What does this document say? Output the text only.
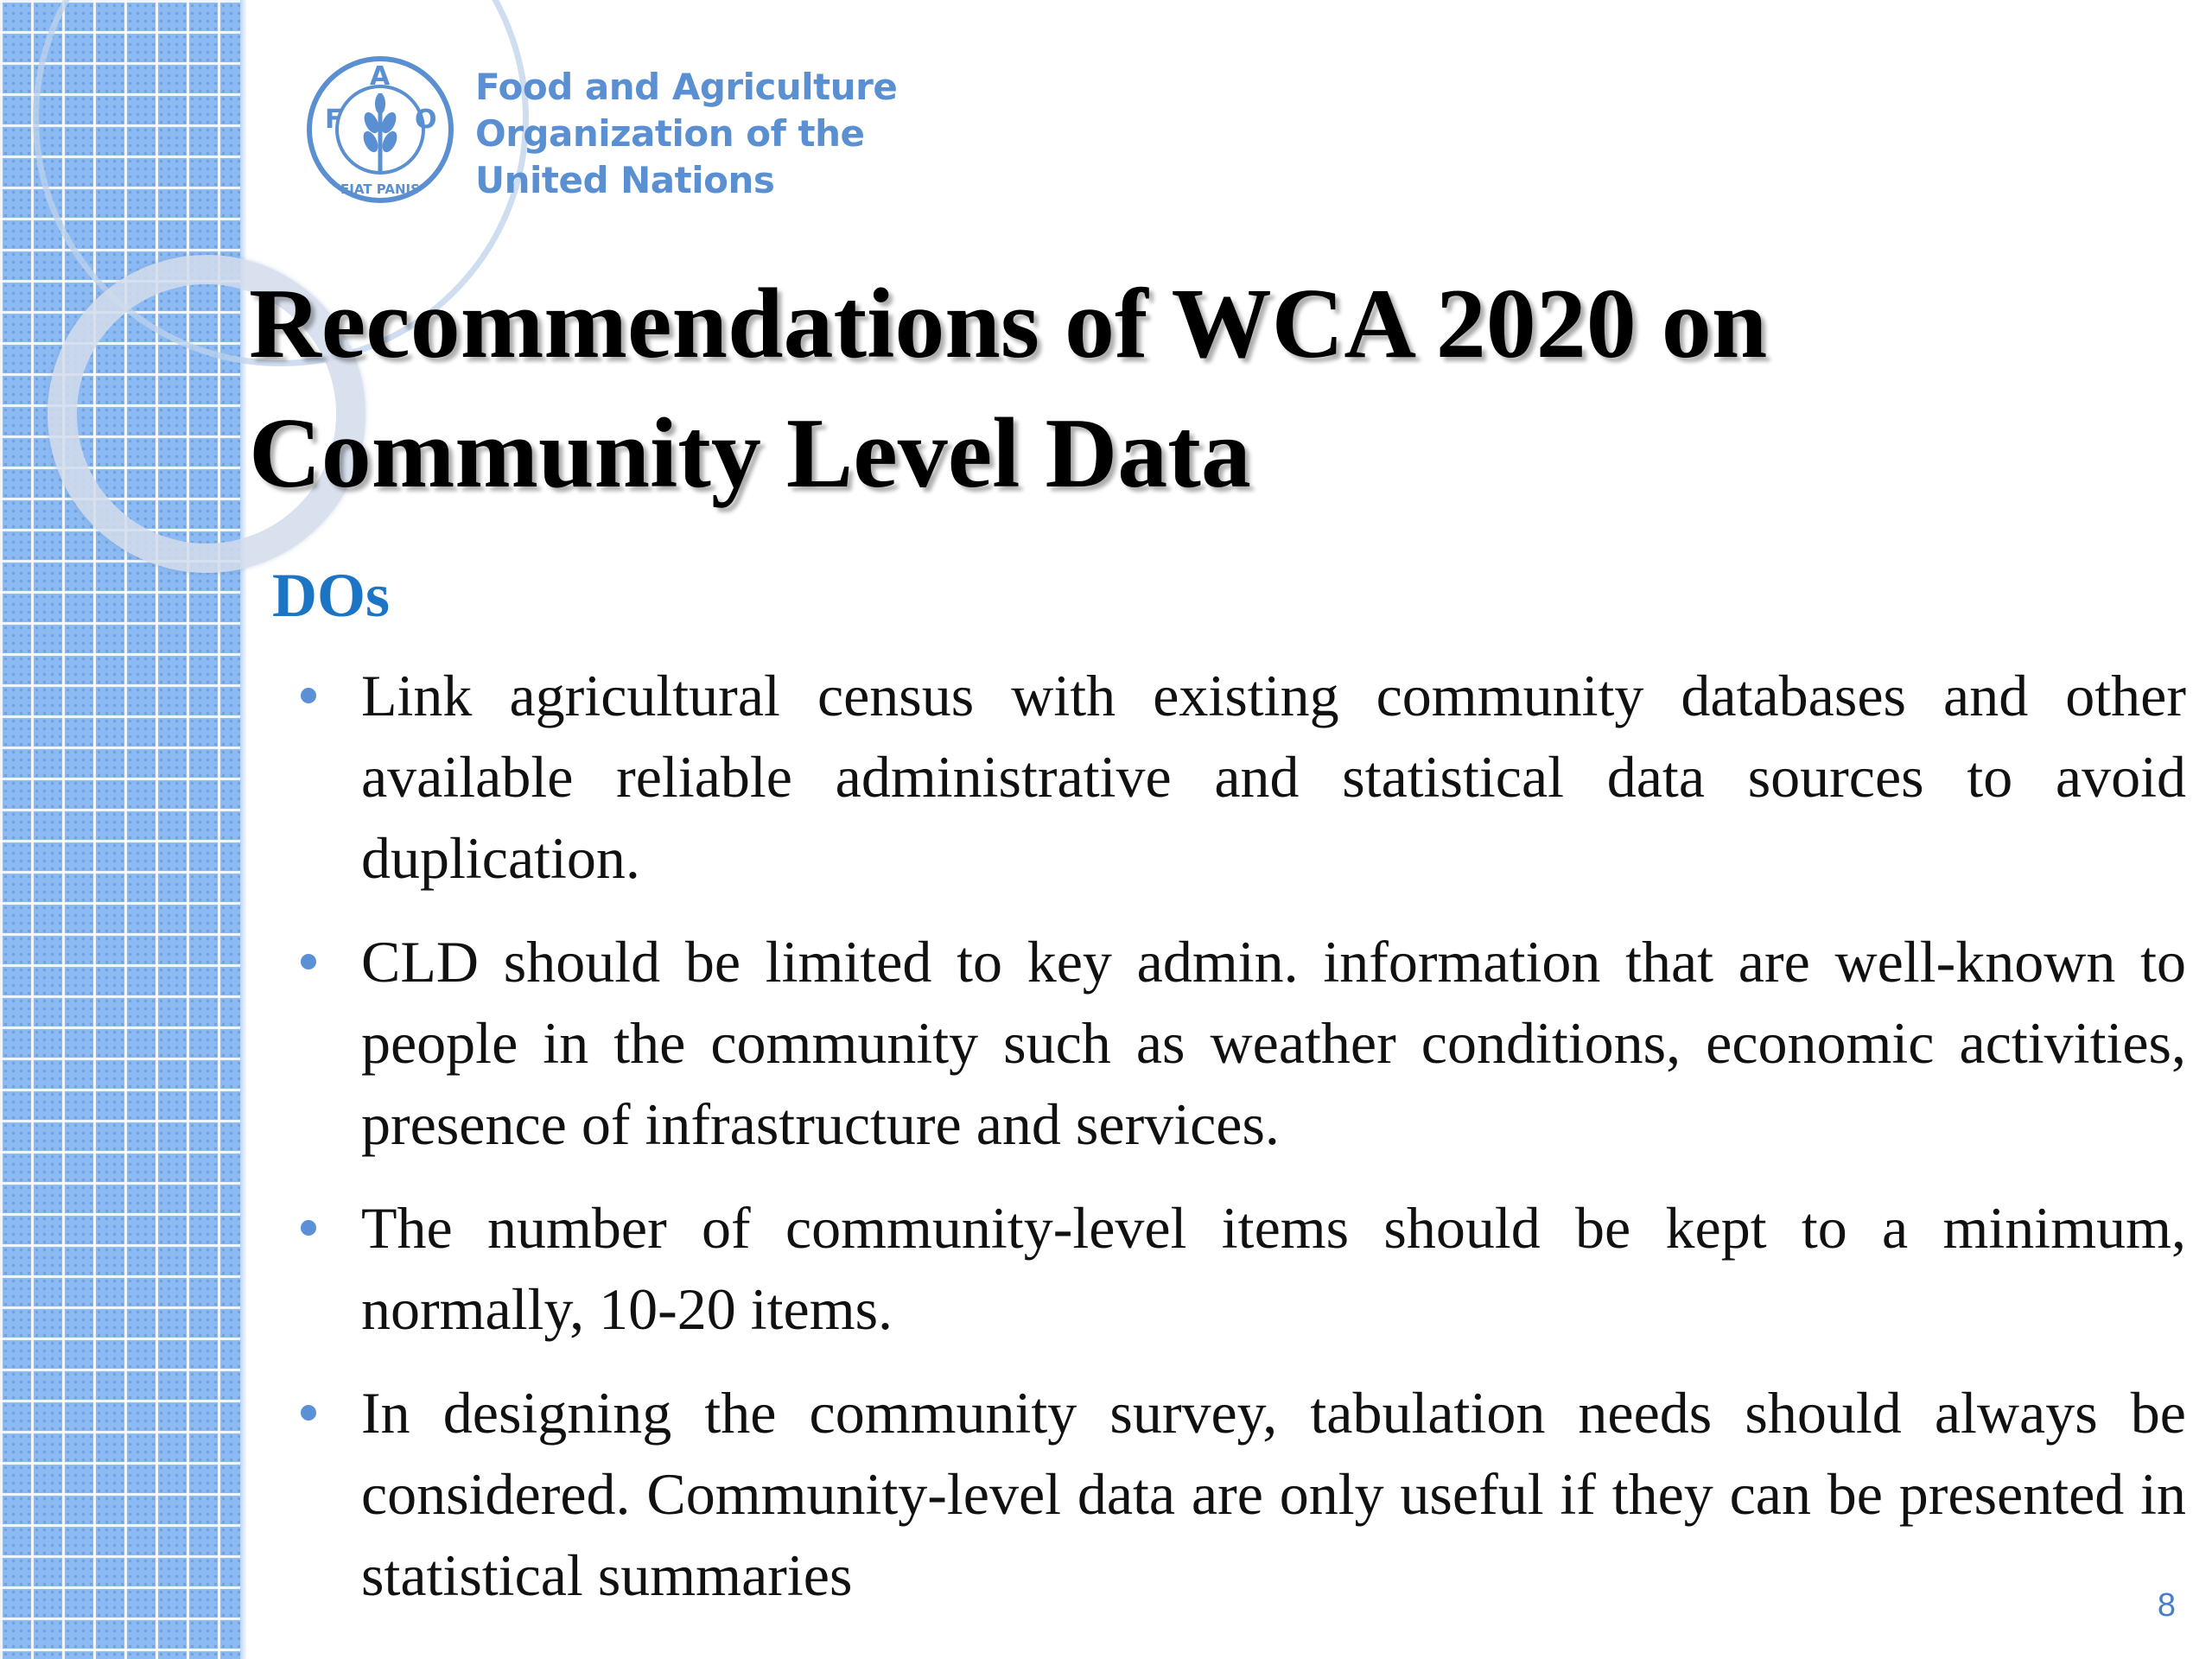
F
A
O
FIAT PANIS
Food and Agriculture
Organization of the
United Nations
Recommendations of WCA 2020 on
Community Level Data
DOs
Link agricultural census with existing community databases and other available reliable administrative and statistical data sources to avoid duplication.
CLD should be limited to key admin. information that are well-known to people in the community such as weather conditions, economic activities, presence of infrastructure and services.
The number of community-level items should be kept to a minimum, normally, 10-20 items.
In designing the community survey, tabulation needs should always be considered. Community-level data are only useful if they can be presented in statistical summaries	8
